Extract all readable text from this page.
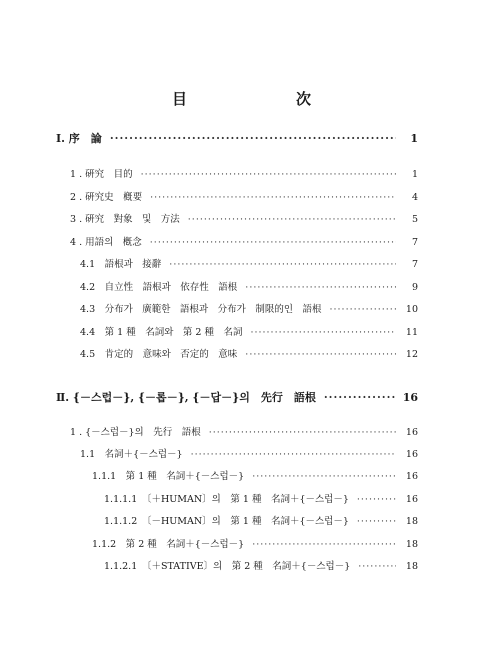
目	次
Ⅰ. 序　論 ·····	1
1 . 硏究　目的 ·····	1
2 . 硏究史　槪要 ·····	4
3 . 硏究　對象　및　方法 ·····	5
4 . 用語의　槪念 ·····	7
4.1　語根과　接辭 ·····	7
4.2　自立性　語根과　依存性　語根 ·····	9
4.3　分布가　廣範한　語根과　分布가　制限的인　語根 ·····	10
4.4　第 1 種　名詞와　第 2 種　名詞 ·····	11
4.5　肯定的　意味와　否定的　意味 ·····	12
Ⅱ. {－스럽－}, {－롭－}, {－답－}의　先行　語根 ·····	16
1 . {－스럽－}의　先行　語根 ·····	16
1.1　名詞＋{－스럽－} ·····	16
1.1.1　第 1 種　名詞＋{－스럽－} ·····	16
1.1.1.1　〔＋HUMAN〕의　第 1 種　名詞＋{－스럽－} ·····	16
1.1.1.2　〔－HUMAN〕의　第 1 種　名詞＋{－스럽－} ·····	18
1.1.2　第 2 種　名詞＋{－스럽－} ·····	18
1.1.2.1　〔＋STATIVE〕의　第 2 種　名詞＋{－스럽－} ·····	18
